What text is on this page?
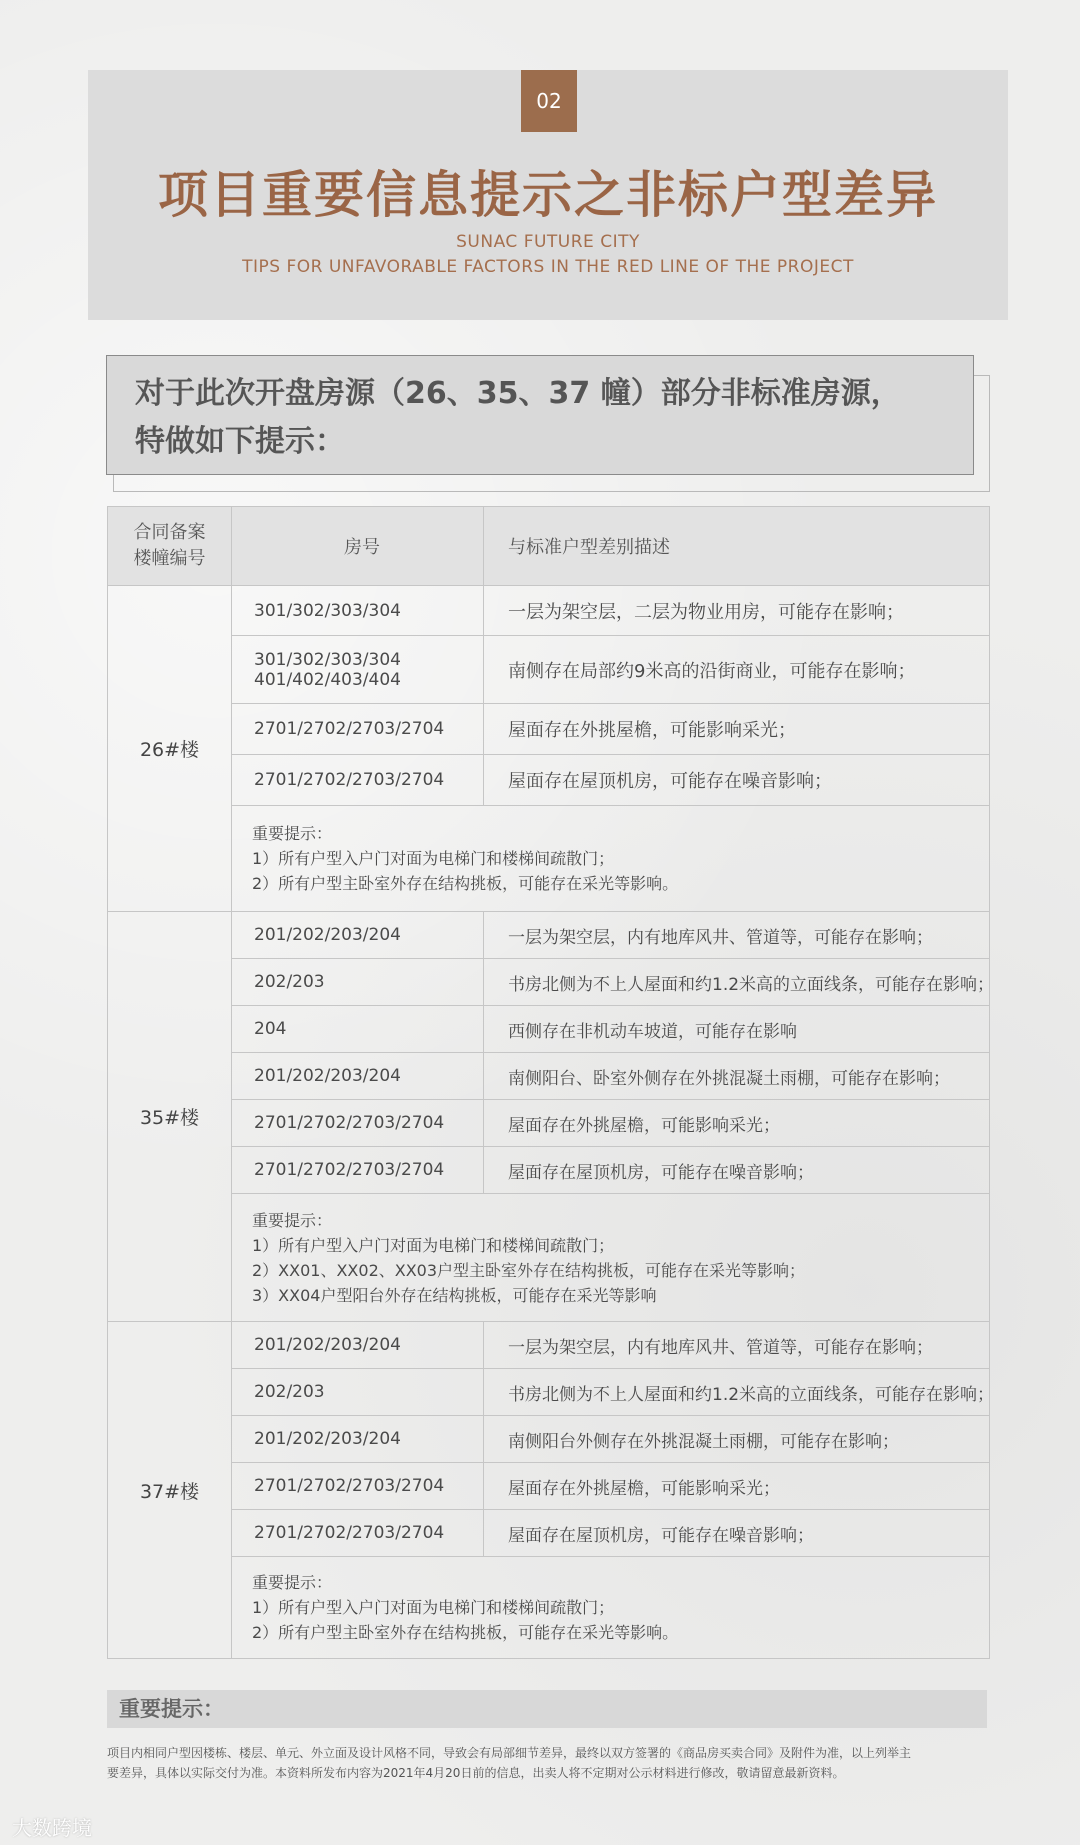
02
项目重要信息提示之非标户型差异
SUNAC FUTURE CITY
TIPS FOR UNFAVORABLE FACTORS IN THE RED LINE OF THE PROJECT
对于此次开盘房源（26、35、37 幢）部分非标准房源，
特做如下提示：
合同备案
楼幢编号	房号	与标准户型差别描述
26#楼	301/302/303/304	一层为架空层，二层为物业用房，可能存在影响；

	301/302/303/304
401/402/403/404	南侧存在局部约9米高的沿街商业，可能存在影响；
	2701/2702/2703/2704	屋面存在外挑屋檐，可能影响采光；
	2701/2702/2703/2704	屋面存在屋顶机房，可能存在噪音影响；

	重要提示：
1）所有户型入户门对面为电梯门和楼梯间疏散门；
2）所有户型主卧室外存在结构挑板，可能存在采光等影响。	

35#楼	201/202/203/204	一层为架空层，内有地库风井、管道等，可能存在影响；
	202/203	书房北侧为不上人屋面和约1.2米高的立面线条，可能存在影响；
	204	西侧存在非机动车坡道，可能存在影响
	201/202/203/204	南侧阳台、卧室外侧存在外挑混凝土雨棚，可能存在影响；
	2701/2702/2703/2704	屋面存在外挑屋檐，可能影响采光；
	2701/2702/2703/2704	屋面存在屋顶机房，可能存在噪音影响；

	重要提示：
1）所有户型入户门对面为电梯门和楼梯间疏散门；
2）XX01、XX02、XX03户型主卧室外存在结构挑板，可能存在采光等影响；
3）XX04户型阳台外存在结构挑板，可能存在采光等影响	

37#楼	201/202/203/204	一层为架空层，内有地库风井、管道等，可能存在影响；
	202/203	书房北侧为不上人屋面和约1.2米高的立面线条，可能存在影响；
	201/202/203/204	南侧阳台外侧存在外挑混凝土雨棚，可能存在影响；
	2701/2702/2703/2704	屋面存在外挑屋檐，可能影响采光；
	2701/2702/2703/2704	屋面存在屋顶机房，可能存在噪音影响；

	重要提示：
1）所有户型入户门对面为电梯门和楼梯间疏散门；
2）所有户型主卧室外存在结构挑板，可能存在采光等影响。	
重要提示：
项目内相同户型因楼栋、楼层、单元、外立面及设计风格不同，导致会有局部细节差异，最终以双方签署的《商品房买卖合同》及附件为准，以上列举主
要差异，具体以实际交付为准。本资料所发布内容为2021年4月20日前的信息，出卖人将不定期对公示材料进行修改，敬请留意最新资料。
大数跨境
